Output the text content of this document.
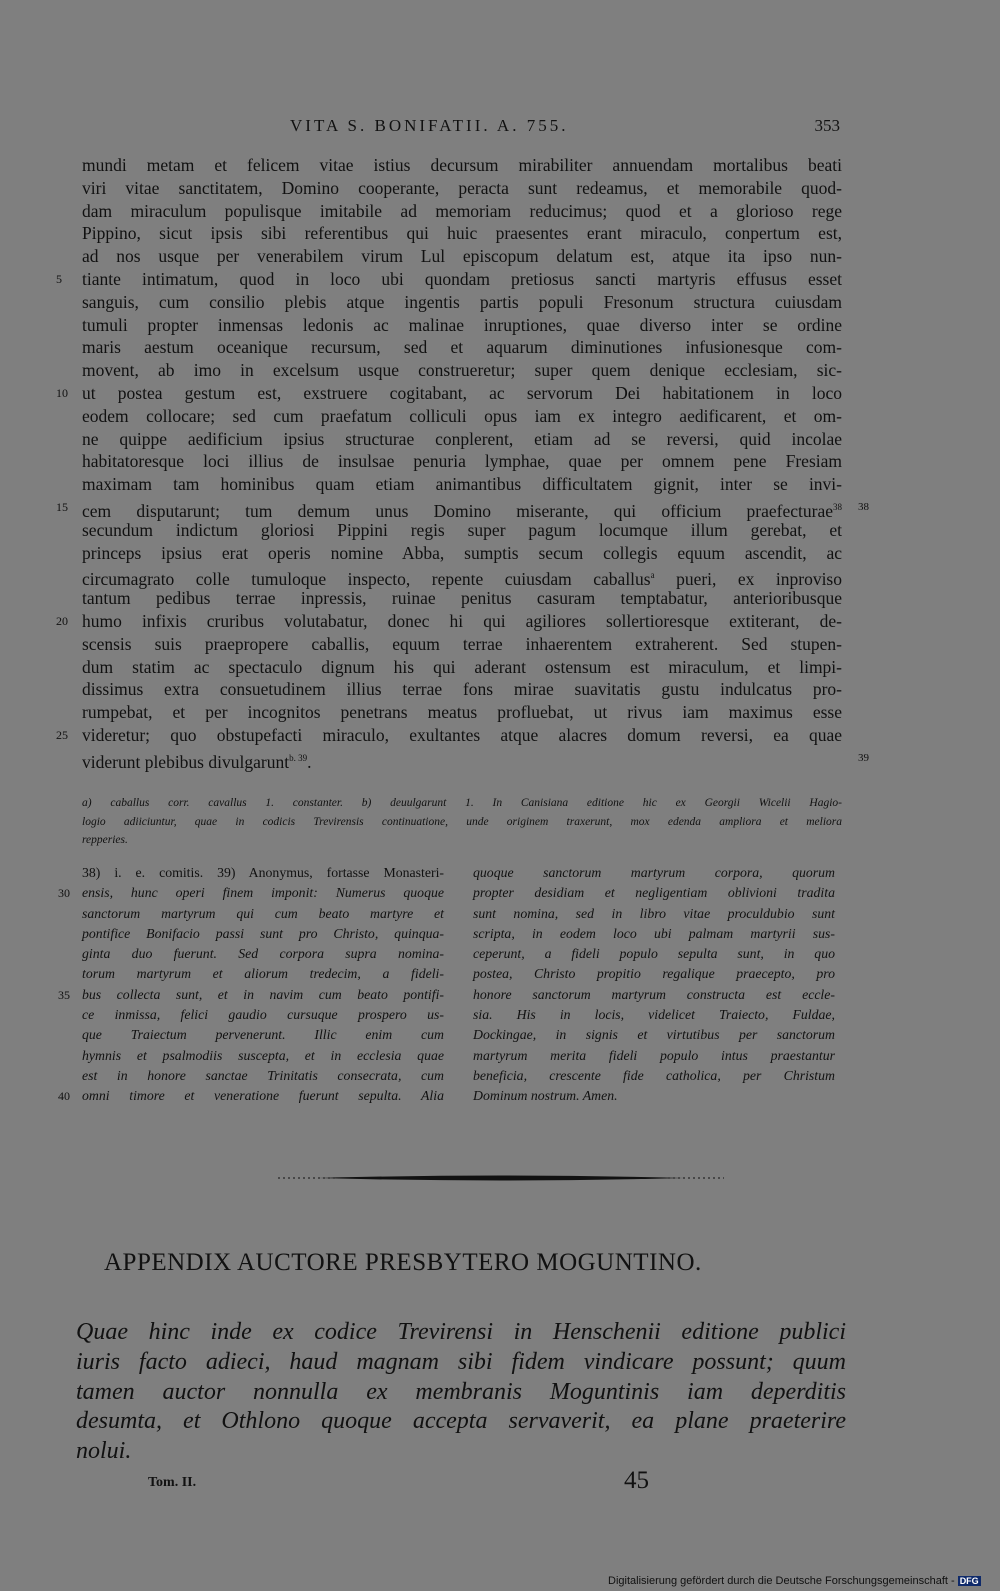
VITA S. BONIFATII. A. 755.	353
mundi metam et felicem vitae istius decursum mirabiliter annuendam mortalibus beati
viri vitae sanctitatem, Domino cooperante, peracta sunt redeamus, et memorabile quod-
dam miraculum populisque imitabile ad memoriam reducimus; quod et a glorioso rege
Pippino, sicut ipsis sibi referentibus qui huic praesentes erant miraculo, conpertum est,
ad nos usque per venerabilem virum Lul episcopum delatum est, atque ita ipso nun-
5	tiante intimatum, quod in loco ubi quondam pretiosus sancti martyris effusus esset
sanguis, cum consilio plebis atque ingentis partis populi Fresonum structura cuiusdam
tumuli propter inmensas ledonis ac malinae inruptiones, quae diverso inter se ordine
maris aestum oceanique recursum, sed et aquarum diminutiones infusionesque com-
movent, ab imo in excelsum usque construeretur; super quem denique ecclesiam, sic-
10 ut postea gestum est, exstruere cogitabant, ac servorum Dei habitationem in loco
eodem collocare; sed cum praefatum colliculi opus iam ex integro aedificarent, et om-
ne quippe aedificium ipsius structurae conplerent, etiam ad se reversi, quid incolae
habitatoresque loci illius de insulsae penuria lymphae, quae per omnem pene Fresiam
maximam tam hominibus quam etiam animantibus difficultatem gignit, inter se invi-
15 cem disputarunt; tum demum unus Domino miserante, qui officium praefecturae$^{38}$ 38
secundum indictum gloriosi Pippini regis super pagum locumque illum gerebat, et
princeps ipsius erat operis nomine Abba, sumptis secum collegis equum ascendit, ac
circumagrato colle tumuloque inspecto, repente cuiusdam caballus$^a$ pueri, ex inproviso
tantum pedibus terrae inpressis, ruinae penitus casuram temptabatur, anterioribusque
20 humo infixis cruribus volutabatur, donec hi qui agiliores sollertioresque extiterant, de-
scensis suis praepropere caballis, equum terrae inhaerentem extraherent. Sed stupen-
dum statim ac spectaculo dignum his qui aderant ostensum est miraculum, et limpi-
dissimus extra consuetudinem illius terrae fons mirae suavitatis gustu indulcatus pro-
rumpebat, et per incognitos penetrans meatus profluebat, ut rivus iam maximus esse
25 videretur; quo obstupefacti miraculo, exultantes atque alacres domum reversi, ea quae
viderunt plebibus divulgarunt$^{b. 39}$.	39
a) caballus corr. cavallus 1. constanter. b) deuulgarunt 1. In Canisiana editione hic ex Georgii Wicelii Hagio-
logio adiiciuntur, quae in codicis Trevirensis continuatione, unde originem traxerunt, mox edenda ampliora et meliora
repperies.
38) i. e. comitis. 39) Anonymus, fortasse Monasteri-
30 ensis, hunc operi finem imponit: Numerus quoque
sanctorum martyrum qui cum beato martyre et
pontifice Bonifacio passi sunt pro Christo, quinqua-
ginta duo fuerunt. Sed corpora supra nomina-
torum martyrum et aliorum tredecim, a fideli-
35 bus collecta sunt, et in navim cum beato pontifi-
ce inmissa, felici gaudio cursuque prospero us-
que Traiectum pervenerunt. Illic enim cum
hymnis et psalmodiis suscepta, et in ecclesia quae
est in honore sanctae Trinitatis consecrata, cum
40 omni timore et veneratione fuerunt sepulta. Alia
quoque sanctorum martyrum corpora, quorum
propter desidiam et negligentiam oblivioni tradita
sunt nomina, sed in libro vitae proculdubio sunt
scripta, in eodem loco ubi palmam martyrii sus-
ceperunt, a fideli populo sepulta sunt, in quo
postea, Christo propitio regalique praecepto, pro
honore sanctorum martyrum constructa est eccle-
sia. His in locis, videlicet Traiecto, Fuldae,
Dockingae, in signis et virtutibus per sanctorum
martyrum merita fideli populo intus praestantur
beneficia, crescente fide catholica, per Christum
Dominum nostrum. Amen.
APPENDIX AUCTORE PRESBYTERO MOGUNTINO.
Quae hinc inde ex codice Trevirensi in Henschenii editione publici
iuris facto adieci, haud magnam sibi fidem vindicare possunt; quum
tamen auctor nonnulla ex membranis Moguntinis iam deperditis
desumta, et Othlono quoque accepta servaverit, ea plane praeterire
nolui.
Tom. II.	45
Digitalisierung gefördert durch die Deutsche Forschungsgemeinschaft - DFG
